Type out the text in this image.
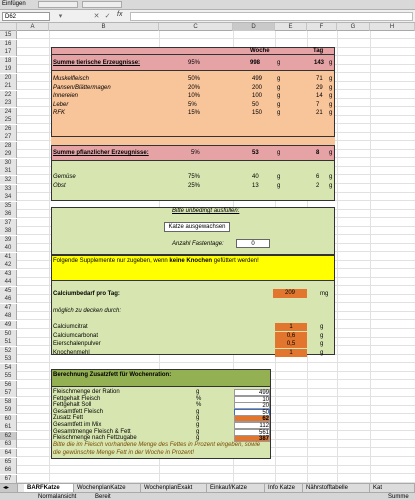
Einfügen
D62	▾	✕ ✓ fx
A	B	C	D	E	F	G	H
15
16
17
18
19
20
21
22
23
24
25
26
27
28
29
30
31
32
33
34
35
36
37
38
39
40
41
42
43
44
45
46
47
48
49
50
51
52
53
54
55
56
57
58
59
60
61
62
63
64
65
66
67
Woche	Tag
Summe tierische Erzeugnisse:	95%	998	g	143 g
Muskelfleisch	50%	499 g	71 g
Pansen/Blättermagen	20%	200 g	29 g
Innereien	10%	100 g	14 g
Leber	5%	50	g	7 g
RFK	15%	150 g	21 g
Summe pflanzlicher Erzeugnisse:	5%	53	g	8 g
Gemüse	75%	40	g	6 g
Obst	25%	13	g	2 g
Bitte unbedingt ausfüllen:
Katze ausgewachsen
Anzahl Fastentage:	0
Folgende Supplemente nur zugeben, wenn keine Knochen gefüttert werden!
Calciumbedarf pro Tag:	209	mg
möglich zu decken durch:
Calciumcitrat	1	g
Calciumcarbonat	0,6	g
Eierschalenpulver	0,5	g
Knochenmehl	1	g
Berechnung Zusatzfett für Wochenration:
Fleischmenge der Ration	g	499
Fettgehalt Fleisch	%	10
Fettgehalt Soll	%	20
Gesamtfett Fleisch	g	50
Zusatz Fett	g	62
Gesamtfett im Mix	g	112
Gesamtmenge Fleisch & Fett	g	561
Fleischmenge nach Fettzugabe	g	387
Bitte die im Fleisch vorhandene Menge des Fettes in Prozent eingeben, sowie
die gewünschte Menge Fett in der Woche in Prozent!
◂▸	BARFKatze	WochenplanKatze	WochenplanExakt	Einkauf/Katze	Info Katze	Nährstofftabelle	Kat
Normalansicht	Bereit	Summe
